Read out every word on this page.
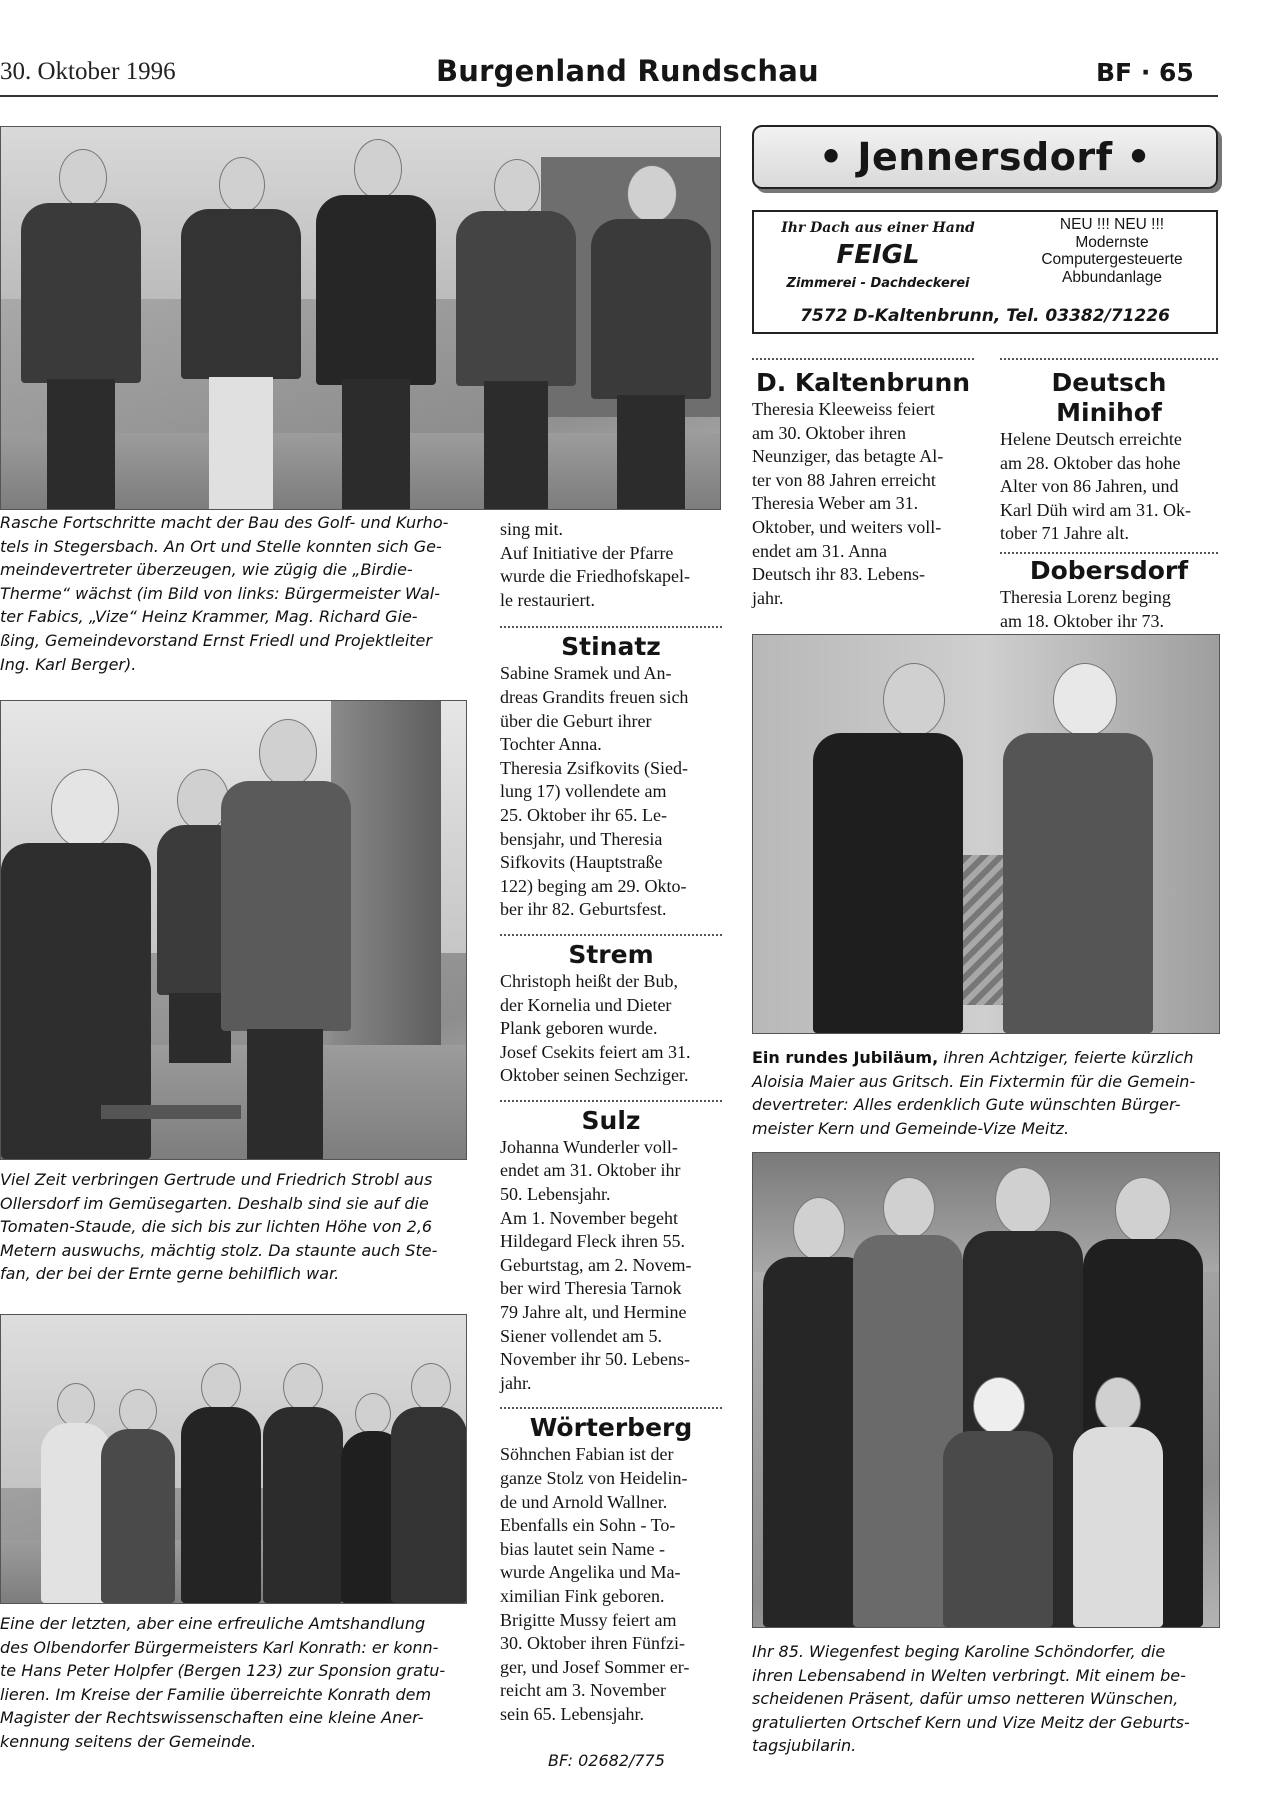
30. Oktober 1996	Burgenland Rundschau	BF · 65

Rasche Fortschritte macht der Bau des Golf- und Kurho-
tels in Stegersbach. An Ort und Stelle konnten sich Ge-
meindevertreter überzeugen, wie zügig die „Birdie-
Therme“ wächst (im Bild von links: Bürgermeister Wal-
ter Fabics, „Vize“ Heinz Krammer, Mag. Richard Gie-
ßing, Gemeindevorstand Ernst Friedl und Projektleiter
Ing. Karl Berger).

Viel Zeit verbringen Gertrude und Friedrich Strobl aus
Ollersdorf im Gemüsegarten. Deshalb sind sie auf die
Tomaten-Staude, die sich bis zur lichten Höhe von 2,6
Metern auswuchs, mächtig stolz. Da staunte auch Ste-
fan, der bei der Ernte gerne behilflich war.

Eine der letzten, aber eine erfreuliche Amtshandlung
des Olbendorfer Bürgermeisters Karl Konrath: er konn-
te Hans Peter Holpfer (Bergen 123) zur Sponsion gratu-
lieren. Im Kreise der Familie überreichte Konrath dem
Magister der Rechtswissenschaften eine kleine Aner-
kennung seitens der Gemeinde.

sing mit.
Auf Initiative der Pfarre
wurde die Friedhofskapel-
le restauriert.

Stinatz

Sabine Sramek und An-
dreas Grandits freuen sich
über die Geburt ihrer
Tochter Anna.
Theresia Zsifkovits (Sied-
lung 17) vollendete am
25. Oktober ihr 65. Le-
bensjahr, und Theresia
Sifkovits (Hauptstraße
122) beging am 29. Okto-
ber ihr 82. Geburtsfest.

Strem

Christoph heißt der Bub,
der Kornelia und Dieter
Plank geboren wurde.
Josef Csekits feiert am 31.
Oktober seinen Sechziger.

Sulz

Johanna Wunderler voll-
endet am 31. Oktober ihr
50. Lebensjahr.
Am 1. November begeht
Hildegard Fleck ihren 55.
Geburtstag, am 2. Novem-
ber wird Theresia Tarnok
79 Jahre alt, und Hermine
Siener vollendet am 5.
November ihr 50. Lebens-
jahr.

Wörterberg

Söhnchen Fabian ist der
ganze Stolz von Heidelin-
de und Arnold Wallner.
Ebenfalls ein Sohn - To-
bias lautet sein Name -
wurde Angelika und Ma-
ximilian Fink geboren.
Brigitte Mussy feiert am
30. Oktober ihren Fünfzi-
ger, und Josef Sommer er-
reicht am 3. November
sein 65. Lebensjahr.

BF: 02682/775

• Jennersdorf •
Ihr Dach aus einer Hand
FEIGL
Zimmerei - Dachdeckerei
NEU !!! NEU !!!
Modernste
Computergesteuerte
Abbundanlage
7572 D-Kaltenbrunn, Tel. 03382/71226
D. Kaltenbrunn

Theresia Kleeweiss feiert
am 30. Oktober ihren
Neunziger, das betagte Al-
ter von 88 Jahren erreicht
Theresia Weber am 31.
Oktober, und weiters voll-
endet am 31. Anna
Deutsch ihr 83. Lebens-
jahr.

Deutsch Minihof

Helene Deutsch erreichte
am 28. Oktober das hohe
Alter von 86 Jahren, und
Karl Düh wird am 31. Ok-
tober 71 Jahre alt.

Dobersdorf

Theresia Lorenz beging
am 18. Oktober ihr 73.

Ein rundes Jubiläum, ihren Achtziger, feierte kürzlich
Aloisia Maier aus Gritsch. Ein Fixtermin für die Gemein-
devertreter: Alles erdenklich Gute wünschten Bürger-
meister Kern und Gemeinde-Vize Meitz.

Ihr 85. Wiegenfest beging Karoline Schöndorfer, die
ihren Lebensabend in Welten verbringt. Mit einem be-
scheidenen Präsent, dafür umso netteren Wünschen,
gratulierten Ortschef Kern und Vize Meitz der Geburts-
tagsjubilarin.
